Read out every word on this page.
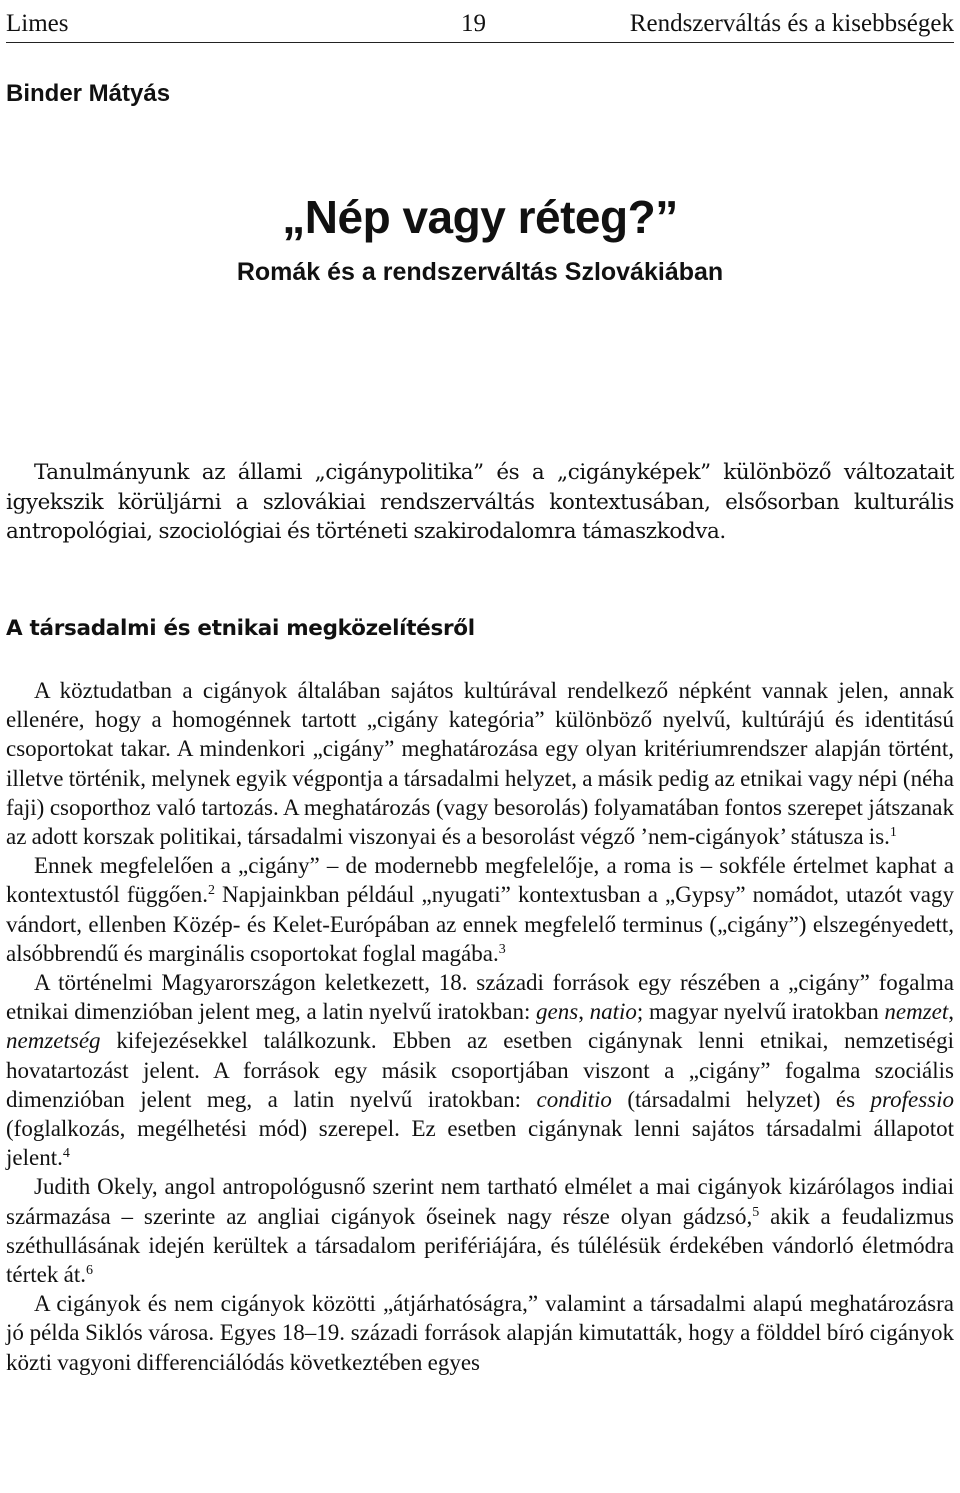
Limes	19	Rendszerváltás és a kisebbségek
Binder Mátyás
„Nép vagy réteg?”
Romák és a rendszerváltás Szlovákiában

Tanulmányunk az állami „cigánypolitika” és a „cigányképek” különböző változatait igyekszik körüljárni a szlovákiai rendszerváltás kontextusában, elsősorban kulturális antropológiai, szociológiai és történeti szakirodalomra támaszkodva.

A társadalmi és etnikai megközelítésről

A köztudatban a cigányok általában sajátos kultúrával rendelkező népként vannak jelen, annak ellenére, hogy a homogénnek tartott „cigány kategória” különböző nyelvű, kultúrájú és identitású csoportokat takar. A mindenkori „cigány” meghatározása egy olyan kritériumrendszer alapján történt, illetve történik, melynek egyik végpontja a társadalmi helyzet, a másik pedig az etnikai vagy népi (néha faji) csoporthoz való tartozás. A meghatározás (vagy besorolás) folyamatában fontos szerepet játszanak az adott korszak politikai, társadalmi viszonyai és a besorolást végző ’nem-cigányok’ státusza is.$^1$

Ennek megfelelően a „cigány” – de modernebb megfelelője, a roma is – sokféle értelmet kaphat a kontextustól függően.$^2$ Napjainkban például „nyugati” kontextusban a „Gypsy” nomádot, utazót vagy vándort, ellenben Közép- és Kelet-Európában az ennek megfelelő terminus („cigány”) elszegényedett, alsóbbrendű és marginális csoportokat foglal magába.$^3$

A történelmi Magyarországon keletkezett, 18. századi források egy részében a „cigány” fogalma etnikai dimenzióban jelent meg, a latin nyelvű iratokban: gens, natio; magyar nyelvű iratokban nemzet, nemzetség kifejezésekkel találkozunk. Ebben az esetben cigánynak lenni etnikai, nemzetiségi hovatartozást jelent. A források egy másik csoportjában viszont a „cigány” fogalma szociális dimenzióban jelent meg, a latin nyelvű iratokban: conditio (társadalmi helyzet) és professio (foglalkozás, megélhetési mód) szerepel. Ez esetben cigánynak lenni sajátos társadalmi állapotot jelent.$^4$

Judith Okely, angol antropológusnő szerint nem tartható elmélet a mai cigányok kizárólagos indiai származása – szerinte az angliai cigányok őseinek nagy része olyan gádzsó,$^5$ akik a feudalizmus széthullásának idején kerültek a társadalom perifériájára, és túlélésük érdekében vándorló életmódra tértek át.$^6$

A cigányok és nem cigányok közötti „átjárhatóságra,” valamint a társadalmi alapú meghatározásra jó példa Siklós városa. Egyes 18–19. századi források alapján kimutatták, hogy a földdel bíró cigányok közti vagyoni differenciálódás következtében egyes
